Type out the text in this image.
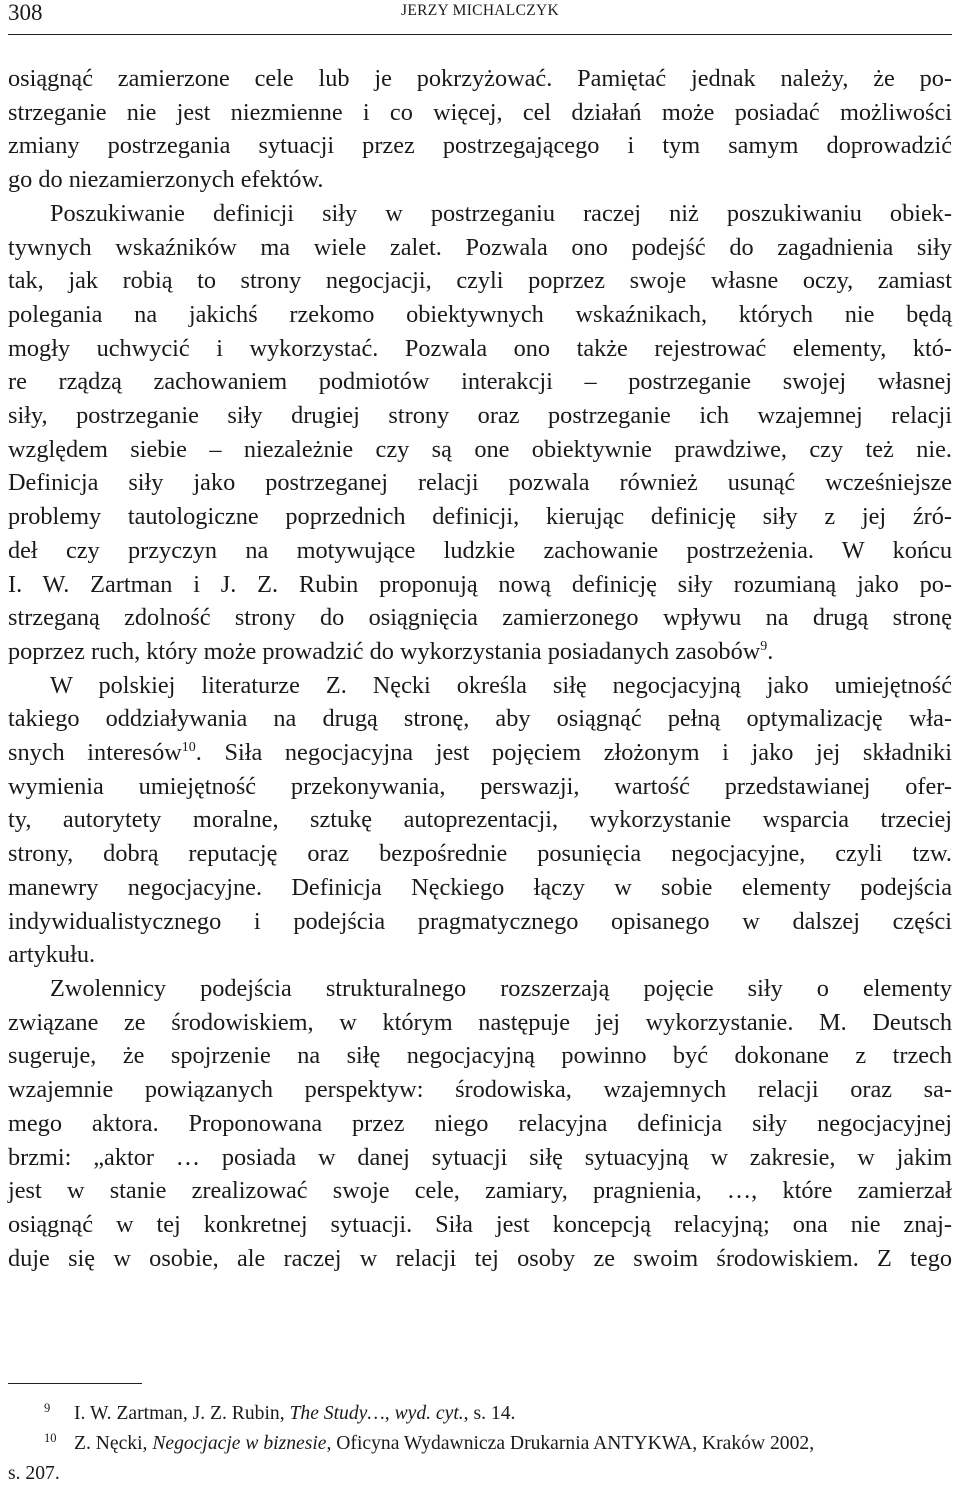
308	JERZY MICHALCZYK

osiągnąć zamierzone cele lub je pokrzyżować. Pamiętać jednak należy, że po-
strzeganie nie jest niezmienne i co więcej, cel działań może posiadać możliwości
zmiany postrzegania sytuacji przez postrzegającego i tym samym doprowadzić
go do niezamierzonych efektów.

Poszukiwanie definicji siły w postrzeganiu raczej niż poszukiwaniu obiek-
tywnych wskaźników ma wiele zalet. Pozwala ono podejść do zagadnienia siły
tak, jak robią to strony negocjacji, czyli poprzez swoje własne oczy, zamiast
polegania na jakichś rzekomo obiektywnych wskaźnikach, których nie będą
mogły uchwycić i wykorzystać. Pozwala ono także rejestrować elementy, któ-
re rządzą zachowaniem podmiotów interakcji – postrzeganie swojej własnej
siły, postrzeganie siły drugiej strony oraz postrzeganie ich wzajemnej relacji
względem siebie – niezależnie czy są one obiektywnie prawdziwe, czy też nie.
Definicja siły jako postrzeganej relacji pozwala również usunąć wcześniejsze
problemy tautologiczne poprzednich definicji, kierując definicję siły z jej źró-
deł czy przyczyn na motywujące ludzkie zachowanie postrzeżenia. W końcu
I. W. Zartman i J. Z. Rubin proponują nową definicję siły rozumianą jako po-
strzeganą zdolność strony do osiągnięcia zamierzonego wpływu na drugą stronę
poprzez ruch, który może prowadzić do wykorzystania posiadanych zasobów$^9$.

W polskiej literaturze Z. Nęcki określa siłę negocjacyjną jako umiejętność
takiego oddziaływania na drugą stronę, aby osiągnąć pełną optymalizację wła-
snych interesów$^{10}$. Siła negocjacyjna jest pojęciem złożonym i jako jej składniki
wymienia umiejętność przekonywania, perswazji, wartość przedstawianej ofer-
ty, autorytety moralne, sztukę autoprezentacji, wykorzystanie wsparcia trzeciej
strony, dobrą reputację oraz bezpośrednie posunięcia negocjacyjne, czyli tzw.
manewry negocjacyjne. Definicja Nęckiego łączy w sobie elementy podejścia
indywidualistycznego i podejścia pragmatycznego opisanego w dalszej części
artykułu.

Zwolennicy podejścia strukturalnego rozszerzają pojęcie siły o elementy
związane ze środowiskiem, w którym następuje jej wykorzystanie. M. Deutsch
sugeruje, że spojrzenie na siłę negocjacyjną powinno być dokonane z trzech
wzajemnie powiązanych perspektyw: środowiska, wzajemnych relacji oraz sa-
mego aktora. Proponowana przez niego relacyjna definicja siły negocjacyjnej
brzmi: „aktor … posiada w danej sytuacji siłę sytuacyjną w zakresie, w jakim
jest w stanie zrealizować swoje cele, zamiary, pragnienia, …, które zamierzał
osiągnąć w tej konkretnej sytuacji. Siła jest koncepcją relacyjną; ona nie znaj-
duje się w osobie, ale raczej w relacji tej osoby ze swoim środowiskiem. Z tego

9 I. W. Zartman, J. Z. Rubin, The Study…, wyd. cyt., s. 14.

10 Z. Nęcki, Negocjacje w biznesie, Oficyna Wydawnicza Drukarnia ANTYKWA, Kraków 2002,
s. 207.
